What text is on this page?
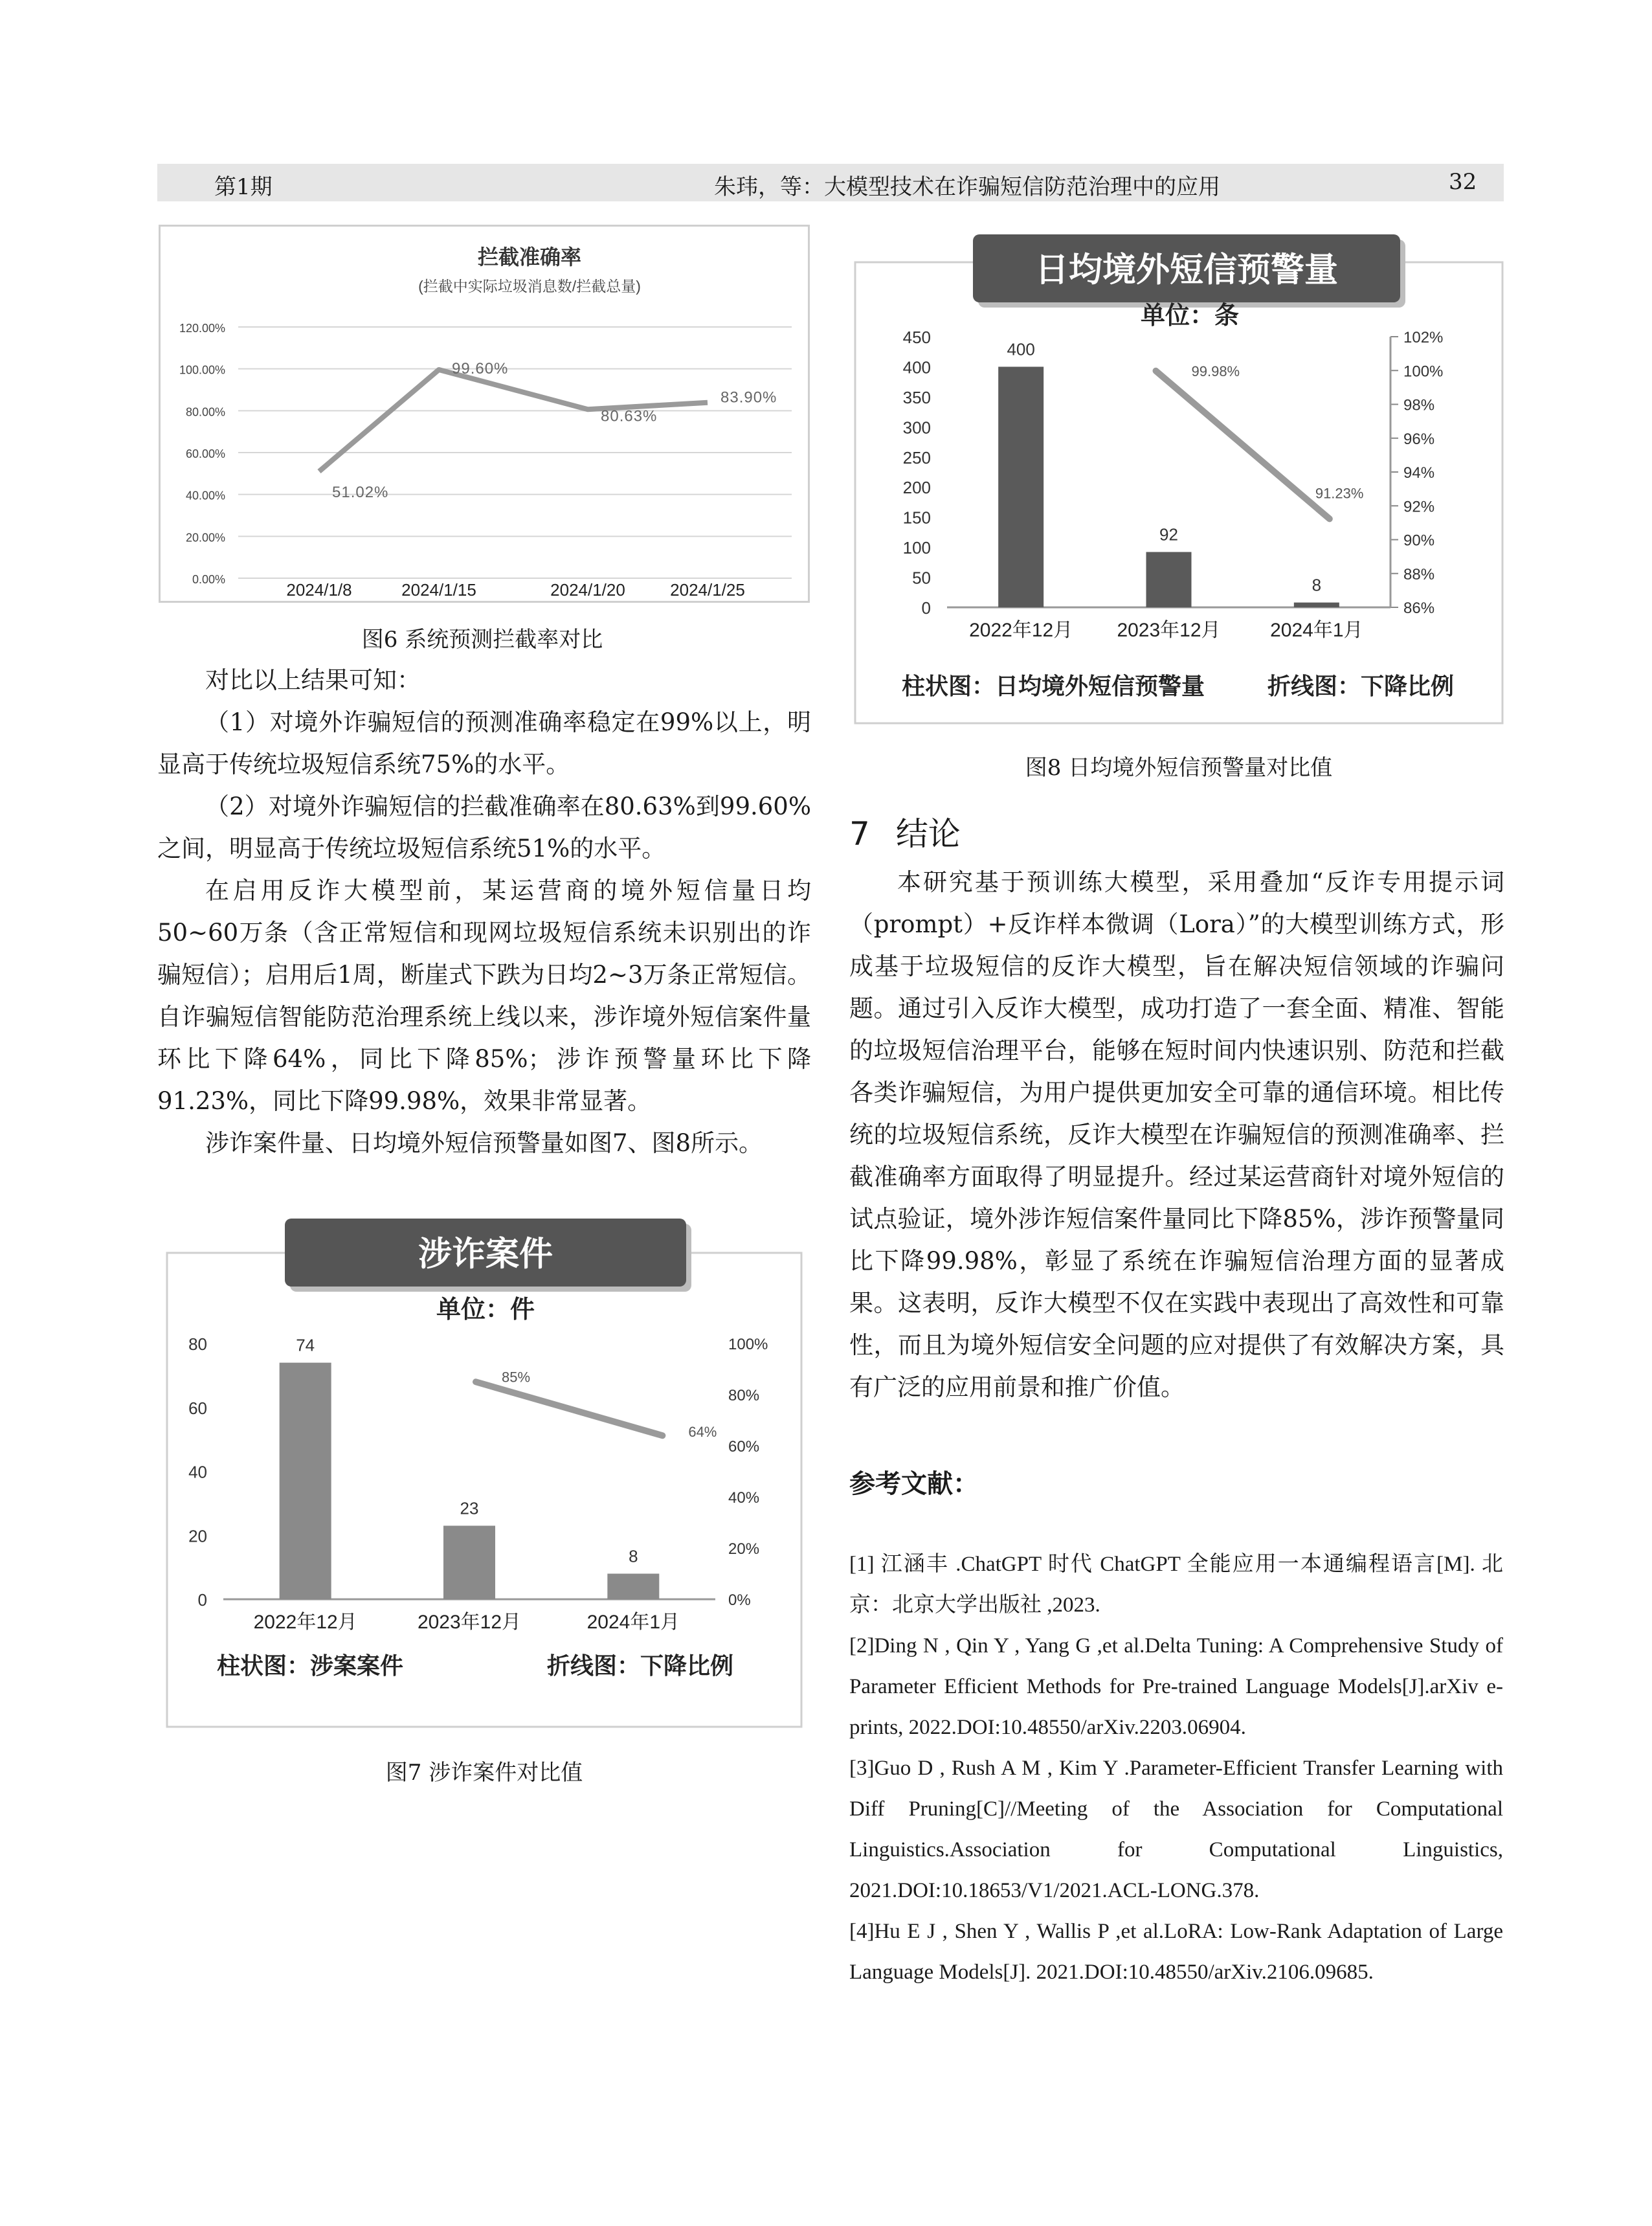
第1期	朱玮，等：大模型技术在诈骗短信防范治理中的应用	32
拦截准确率
(拦截中实际垃圾消息数/拦截总量)
0.00%
20.00%
40.00%
60.00%
80.00%
100.00%
120.00%
2024/1/8	2024/1/15	2024/1/20	2024/1/25
51.02%
99.60%
80.63%
83.90%
图6 系统预测拦截率对比

对比以上结果可知：

（1）对境外诈骗短信的预测准确率稳定在99%以上，明显高于传统垃圾短信系统75%的水平。

（2）对境外诈骗短信的拦截准确率在80.63%到99.60%之间，明显高于传统垃圾短信系统51%的水平。

在启用反诈大模型前，某运营商的境外短信量日均50~60万条（含正常短信和现网垃圾短信系统未识别出的诈骗短信）；启用后1周，断崖式下跌为日均2~3万条正常短信。自诈骗短信智能防范治理系统上线以来，涉诈境外短信案件量环比下降64%，同比下降85%；涉诈预警量环比下降91.23%，同比下降99.98%，效果非常显著。

涉诈案件量、日均境外短信预警量如图7、图8所示。

涉诈案件
单位：件
0
20
40
60
80
0%
20%
40%
60%
80%
100%
74
2022年12月
23
2023年12月
8
2024年1月
85%
64%
柱状图：涉案案件	折线图：下降比例
图7 涉诈案件对比值
日均境外短信预警量
单位：条
0
50
100
150
200
250
300
350
400
450
86%
88%
90%
92%
94%
96%
98%
100%
102%
400
2022年12月
92
2023年12月
8
2024年1月
99.98%
91.23%
柱状图：日均境外短信预警量	折线图：下降比例
图8 日均境外短信预警量对比值
7 结论

本研究基于预训练大模型，采用叠加“反诈专用提示词（prompt）+反诈样本微调（Lora）”的大模型训练方式，形成基于垃圾短信的反诈大模型，旨在解决短信领域的诈骗问题。通过引入反诈大模型，成功打造了一套全面、精准、智能的垃圾短信治理平台，能够在短时间内快速识别、防范和拦截各类诈骗短信，为用户提供更加安全可靠的通信环境。相比传统的垃圾短信系统，反诈大模型在诈骗短信的预测准确率、拦截准确率方面取得了明显提升。经过某运营商针对境外短信的试点验证，境外涉诈短信案件量同比下降85%，涉诈预警量同比下降99.98%，彰显了系统在诈骗短信治理方面的显著成果。这表明，反诈大模型不仅在实践中表现出了高效性和可靠性，而且为境外短信安全问题的应对提供了有效解决方案，具有广泛的应用前景和推广价值。

参考文献：

[1] 江涵丰 .ChatGPT 时代 ChatGPT 全能应用一本通编程语言[M]. 北京：北京大学出版社 ,2023.

[2]Ding N , Qin Y , Yang G ,et al.Delta Tuning: A Comprehensive Study of Parameter Efficient Methods for Pre-trained Language Models[J].arXiv e-prints, 2022.DOI:10.48550/arXiv.2203.06904.

[3]Guo D , Rush A M , Kim Y .Parameter-Efficient Transfer Learning with Diff Pruning[C]//Meeting of the Association for Computational Linguistics.Association for Computational Linguistics, 2021.DOI:10.18653/V1/2021.ACL-LONG.378.

[4]Hu E J , Shen Y , Wallis P ,et al.LoRA: Low-Rank Adaptation of Large Language Models[J]. 2021.DOI:10.48550/arXiv.2106.09685.
